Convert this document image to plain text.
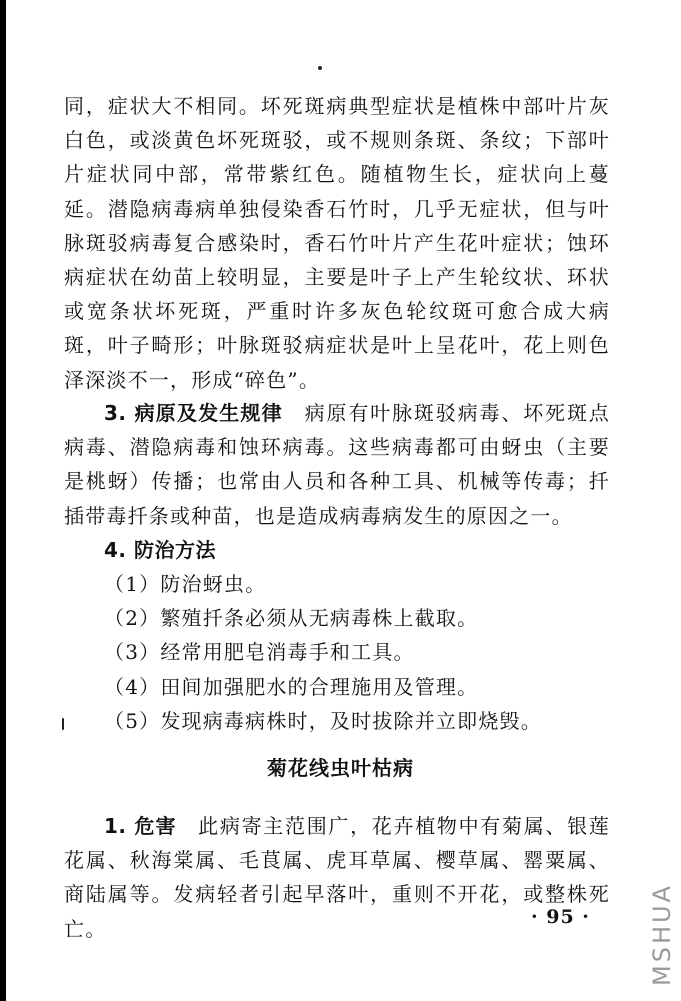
同，症状大不相同。坏死斑病典型症状是植株中部叶片灰白色，或淡黄色坏死斑驳，或不规则条斑、条纹；下部叶片症状同中部，常带紫红色。随植物生长，症状向上蔓延。潜隐病毒病单独侵染香石竹时，几乎无症状，但与叶脉斑驳病毒复合感染时，香石竹叶片产生花叶症状；蚀环病症状在幼苗上较明显，主要是叶子上产生轮纹状、环状或宽条状坏死斑，严重时许多灰色轮纹斑可愈合成大病斑，叶子畸形；叶脉斑驳病症状是叶上呈花叶，花上则色泽深淡不一，形成“碎色”。

3. 病原及发生规律　病原有叶脉斑驳病毒、坏死斑点病毒、潜隐病毒和蚀环病毒。这些病毒都可由蚜虫（主要是桃蚜）传播；也常由人员和各种工具、机械等传毒；扦插带毒扦条或种苗，也是造成病毒病发生的原因之一。

4. 防治方法

（1）防治蚜虫。

（2）繁殖扦条必须从无病毒株上截取。

（3）经常用肥皂消毒手和工具。

（4）田间加强肥水的合理施用及管理。

（5）发现病毒病株时，及时拔除并立即烧毁。

菊花线虫叶枯病

1. 危害　此病寄主范围广，花卉植物中有菊属、银莲花属、秋海棠属、毛茛属、虎耳草属、樱草属、罂粟属、商陆属等。发病轻者引起早落叶，重则不开花，或整株死亡。	· 95 · MSHUA
